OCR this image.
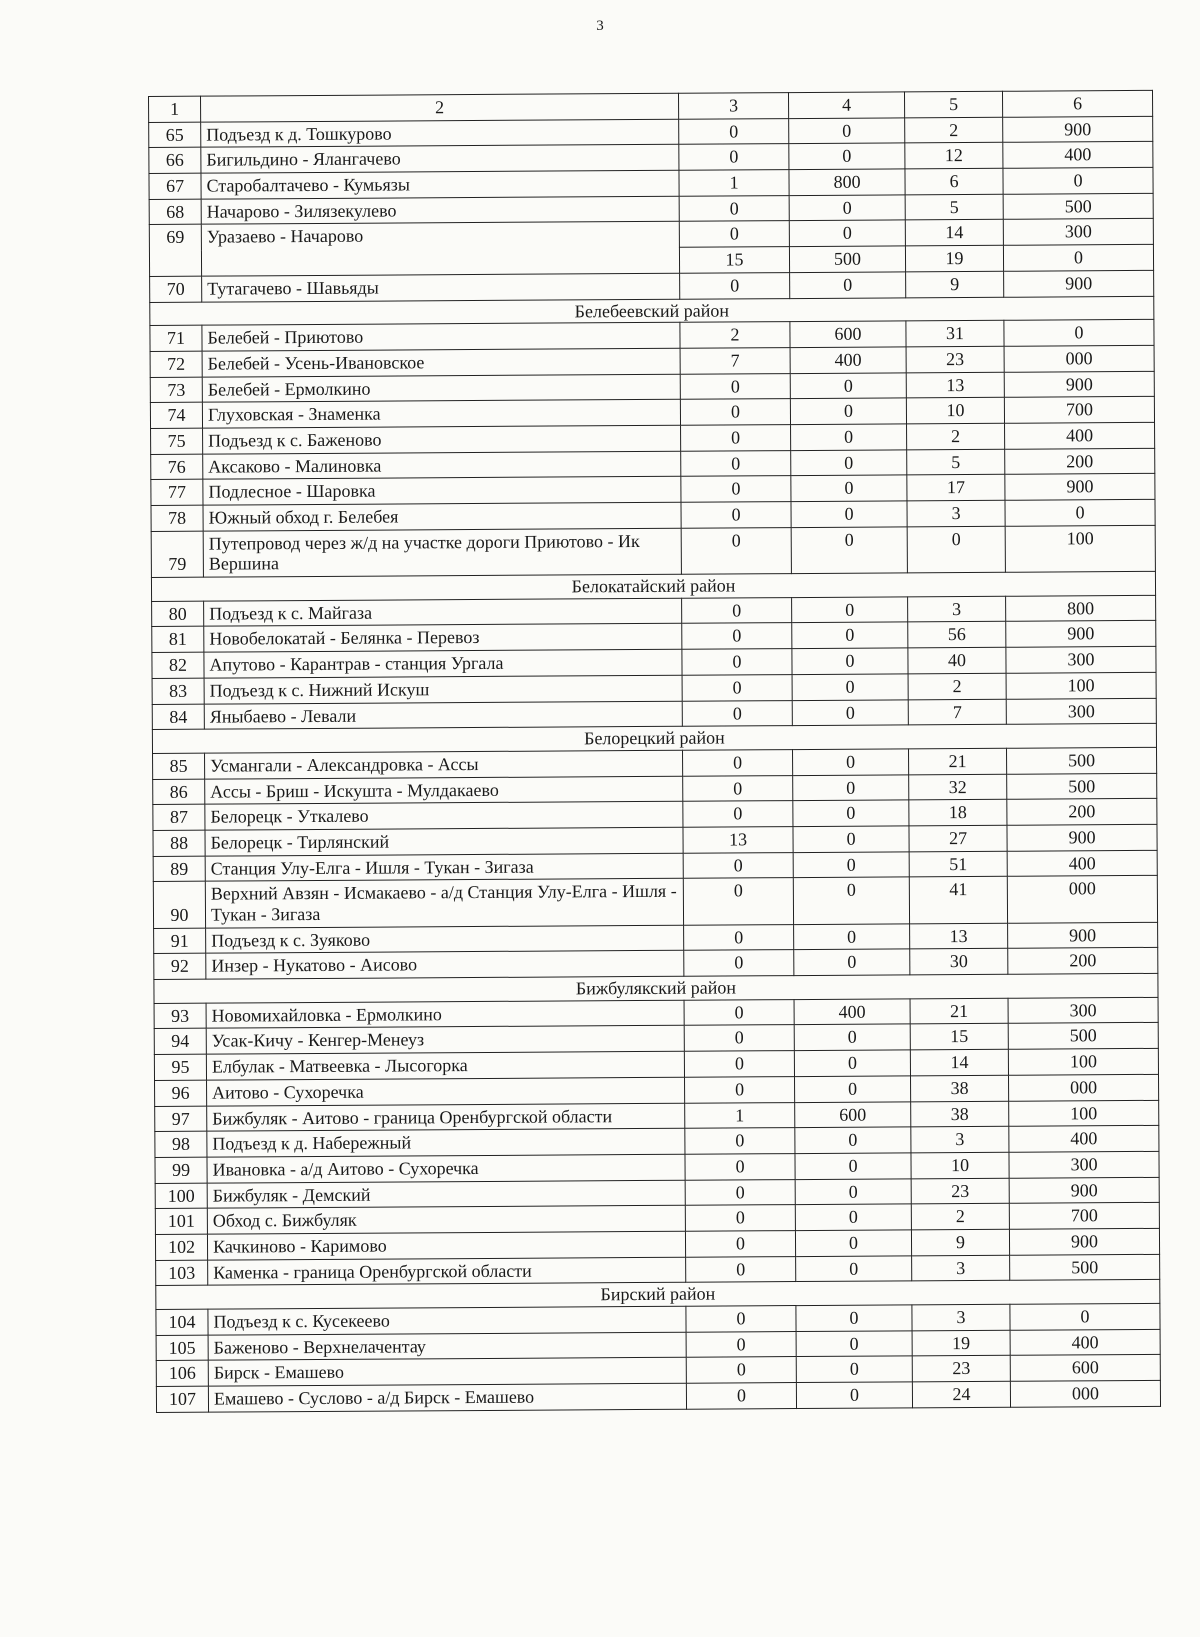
3
1	2	3	4	5	6
65	Подъезд к д. Тошкурово	0	0	2	900
66	Бигильдино - Ялангачево	0	0	12	400
67	Старобалтачево - Кумьязы	1	800	6	0
68	Начарово - Зилязекулево	0	0	5	500
69	Уразаево - Начарово	0	0	14	300
		15	500	19	0
70	Тутагачево - Шавьяды	0	0	9	900
Белебеевский район					
71	Белебей - Приютово	2	600	31	0
72	Белебей - Усень-Ивановское	7	400	23	000
73	Белебей - Ермолкино	0	0	13	900
74	Глуховская - Знаменка	0	0	10	700
75	Подъезд к с. Баженово	0	0	2	400
76	Аксаково - Малиновка	0	0	5	200
77	Подлесное - Шаровка	0	0	17	900
78	Южный обход г. Белебея	0	0	3	0
79	Путепровод через ж/д на участке дороги Приютово - Ик Вершина	0	0	0	100
Белокатайский район					
80	Подъезд к с. Майгаза	0	0	3	800
81	Новобелокатай - Белянка - Перевоз	0	0	56	900
82	Апутово - Карантрав - станция Ургала	0	0	40	300
83	Подъезд к с. Нижний Искуш	0	0	2	100
84	Яныбаево - Левали	0	0	7	300
Белорецкий район					
85	Усмангали - Александровка - Ассы	0	0	21	500
86	Ассы - Бриш - Искушта - Мулдакаево	0	0	32	500
87	Белорецк - Уткалево	0	0	18	200
88	Белорецк - Тирлянский	13	0	27	900
89	Станция Улу-Елга - Ишля - Тукан - Зигаза	0	0	51	400
90	Верхний Авзян - Исмакаево - а/д Станция Улу-Елга - Ишля - Тукан - Зигаза	0	0	41	000
91	Подъезд к с. Зуяково	0	0	13	900
92	Инзер - Нукатово - Аисово	0	0	30	200
Бижбулякский район					
93	Новомихайловка - Ермолкино	0	400	21	300
94	Усак-Кичу - Кенгер-Менеуз	0	0	15	500
95	Елбулак - Матвеевка - Лысогорка	0	0	14	100
96	Аитово - Сухоречка	0	0	38	000
97	Бижбуляк - Аитово - граница Оренбургской области	1	600	38	100
98	Подъезд к д. Набережный	0	0	3	400
99	Ивановка - а/д Аитово - Сухоречка	0	0	10	300
100	Бижбуляк - Демский	0	0	23	900
101	Обход с. Бижбуляк	0	0	2	700
102	Качкиново - Каримово	0	0	9	900
103	Каменка - граница Оренбургской области	0	0	3	500
Бирский район					
104	Подъезд к с. Кусекеево	0	0	3	0
105	Баженово - Верхнелачентау	0	0	19	400
106	Бирск - Емашево	0	0	23	600
107	Емашево - Суслово - а/д Бирск - Емашево	0	0	24	000
